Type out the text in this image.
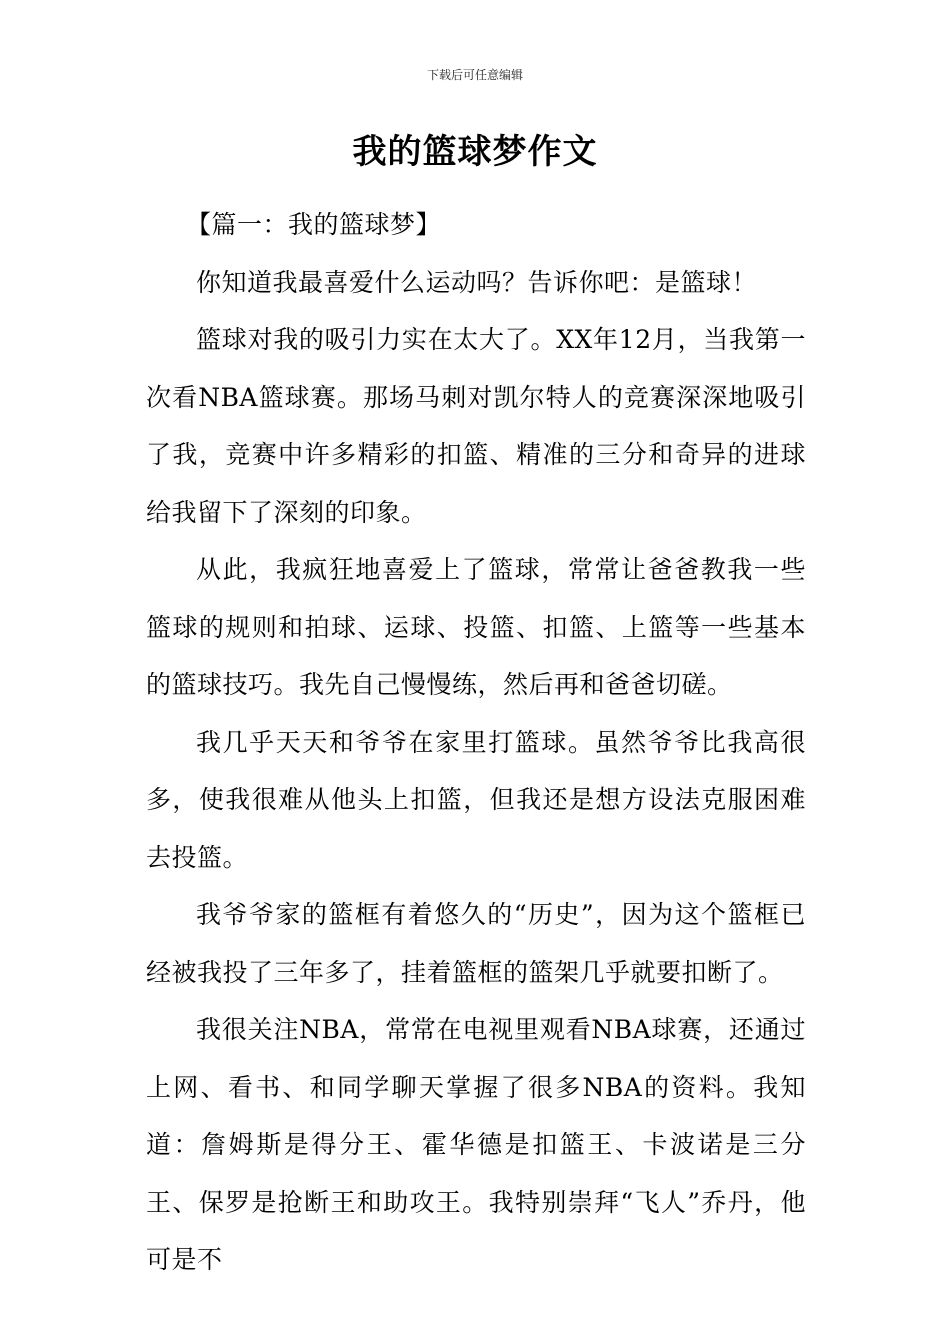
下载后可任意编辑
我的篮球梦作文

【篇一：我的篮球梦】

你知道我最喜爱什么运动吗？告诉你吧：是篮球！

篮球对我的吸引力实在太大了。XX年12月，当我第一次看NBA篮球赛。那场马刺对凯尔特人的竞赛深深地吸引了我，竞赛中许多精彩的扣篮、精准的三分和奇异的进球给我留下了深刻的印象。

从此，我疯狂地喜爱上了篮球，常常让爸爸教我一些篮球的规则和拍球、运球、投篮、扣篮、上篮等一些基本的篮球技巧。我先自己慢慢练，然后再和爸爸切磋。

我几乎天天和爷爷在家里打篮球。虽然爷爷比我高很多，使我很难从他头上扣篮，但我还是想方设法克服困难去投篮。

我爷爷家的篮框有着悠久的“历史”，因为这个篮框已经被我投了三年多了，挂着篮框的篮架几乎就要扣断了。

我很关注NBA，常常在电视里观看NBA球赛，还通过上网、看书、和同学聊天掌握了很多NBA的资料。我知道：詹姆斯是得分王、霍华德是扣篮王、卡波诺是三分王、保罗是抢断王和助攻王。我特别崇拜“飞人”乔丹，他可是不
